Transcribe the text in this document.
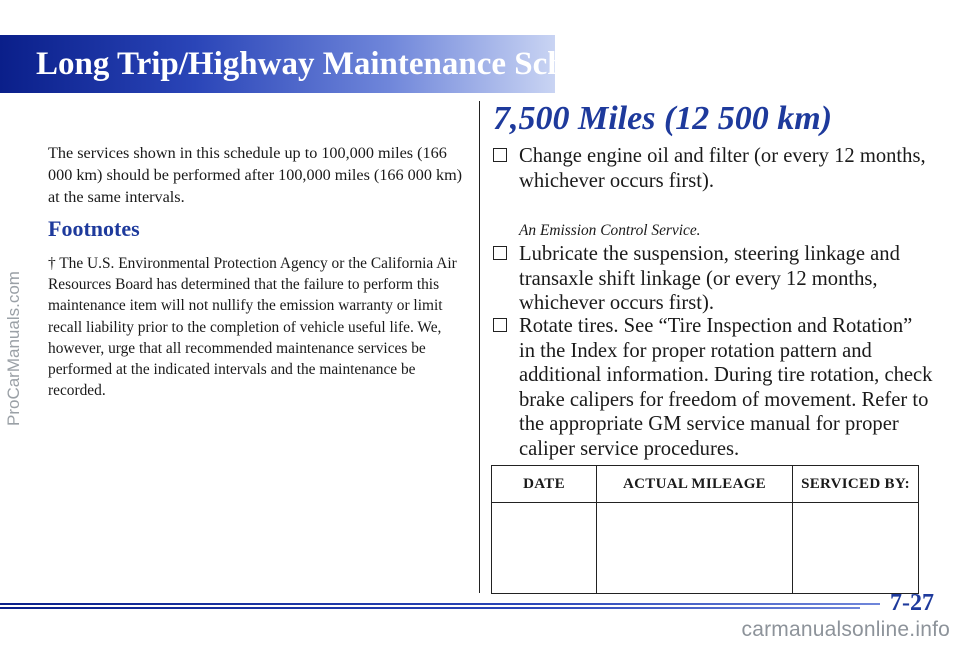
Long Trip/Highway Maintenance Schedule
ProCarManuals.com

The services shown in this schedule up to 100,000 miles (166 000 km) should be performed after 100,000 miles (166 000 km) at the same intervals.

Footnotes

† The U.S. Environmental Protection Agency or the California Air Resources Board has determined that the failure to perform this maintenance item will not nullify the emission warranty or limit recall liability prior to the completion of vehicle useful life. We, however, urge that all recommended maintenance services be performed at the indicated intervals and the maintenance be recorded.

7,500 Miles (12 500 km)
Change engine oil and filter (or every 12 months, whichever occurs first).

An Emission Control Service.

Lubricate the suspension, steering linkage and transaxle shift linkage (or every 12 months, whichever occurs first).
Rotate tires. See “Tire Inspection and Rotation” in the Index for proper rotation pattern and additional information. During tire rotation, check brake calipers for freedom of movement. Refer to the appropriate GM service manual for proper caliper service procedures.
DATE	ACTUAL MILEAGE	SERVICED BY:

7-27

carmanualsonline.info
